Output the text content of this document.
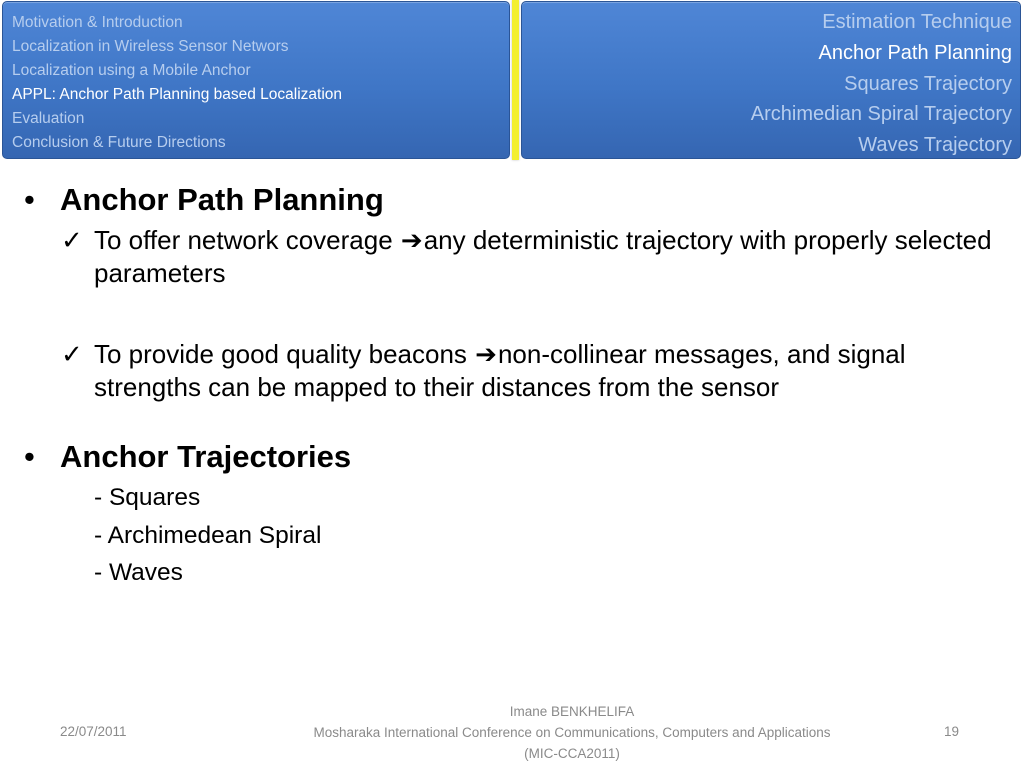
Motivation & Introduction
Localization in Wireless Sensor Networs
Localization using a Mobile Anchor
APPL: Anchor Path Planning based Localization
Evaluation
Conclusion & Future Directions
Estimation Technique
Anchor Path Planning
Squares Trajectory
Archimedian Spiral Trajectory
Waves Trajectory
• Anchor Path Planning
✓ To offer network coverage ➔any deterministic trajectory with properly selected parameters
✓ To provide good quality beacons ➔non-collinear messages, and signal strengths can be mapped to their distances from the sensor
• Anchor Trajectories
- Squares
- Archimedean Spiral
- Waves
22/07/2011
Imane BENKHELIFA
Mosharaka International Conference on Communications, Computers and Applications
(MIC-CCA2011)
19
